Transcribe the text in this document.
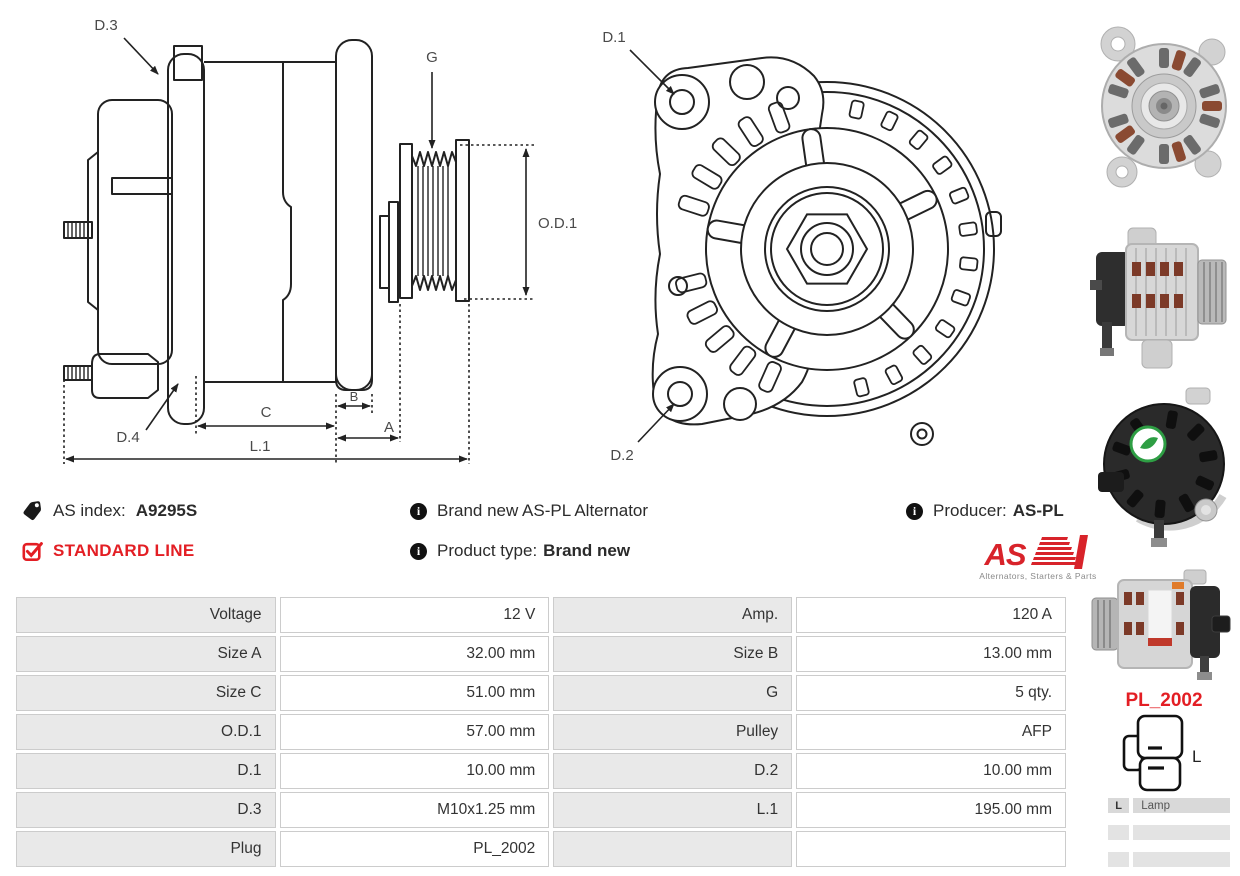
D.3
D.4
G
O.D.1
C
B
A
L.1
D.1
D.2
AS index: A9295S
STANDARD LINE
i Brand new AS-PL Alternator
i Product type: Brand new
i Producer: AS-PL
AS
Alternators, Starters & Parts
Voltage	12 V	Amp.	120 A
Size A	32.00 mm	Size B	13.00 mm
Size C	51.00 mm	G	5 qty.
O.D.1	57.00 mm	Pulley	AFP
D.1	10.00 mm	D.2	10.00 mm
D.3	M10x1.25 mm	L.1	195.00 mm
Plug	PL_2002		
PL_2002
L
L	Lamp
